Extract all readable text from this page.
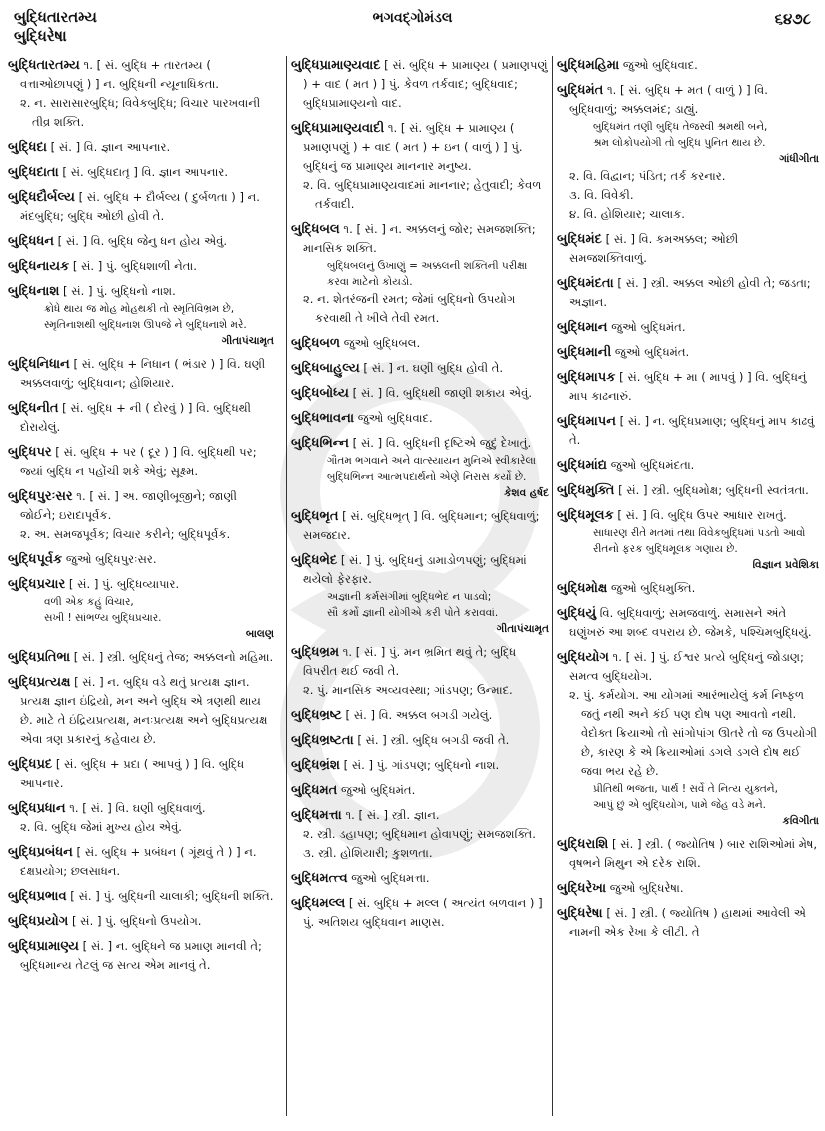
બુદ્ધિતારતમ્ય
બુદ્ધિરેષા
ભગવદ્ગોમંડલ	૬૪૭૮
બુદ્ધિતારતમ્ય ૧. [ સં. બુદ્ધિ + તારતમ્ય ( વત્તાઓછાપણું ) ] ન. બુદ્ધિની ન્યૂનાધિકતા.
૨. ન. સારાસારબુદ્ધિ; વિવેકબુદ્ધિ; વિચાર પારખવાની તીવ્ર શક્તિ.
બુદ્ધિદા [ સં. ] વિ. જ્ઞાન આપનાર.
બુદ્ધિદાતા [ સં. બુદ્ધિદાતૃ ] વિ. જ્ઞાન આપનાર.
બુદ્ધિદૌર્બલ્ય [ સં. બુદ્ધિ + દૌર્બલ્ય ( દુર્બળતા ) ] ન. મંદબુદ્ધિ; બુદ્ધિ ઓછી હોવી તે.
બુદ્ધિધન [ સં. ] વિ. બુદ્ધિ જેનુ ધન હોય એવું.
બુદ્ધિનાયક [ સં. ] પું. બુદ્ધિશાળી નેતા.
બુદ્ધિનાશ [ સં. ] પું. બુદ્ધિનો નાશ.
ક્રોધે થાય જ મોહ મોહથકી તો સ્મૃતિવિભ્રમ છે,
સ્મૃતિનાશથી બુદ્ધિનાશ ઊપજે ને બુદ્ધિનાશે મરે.
ગીતાપંચામૃત
બુદ્ધિનિધાન [ સં. બુદ્ધિ + નિધાન ( ભંડાર ) ] વિ. ઘણી અક્કલવાળું; બુદ્ધિવાન; હોશિયાર.
બુદ્ધિનીત [ સં. બુદ્ધિ + ની ( દોરવું ) ] વિ. બુદ્ધિથી દોરાયેલું.
બુદ્ધિપર [ સં. બુદ્ધિ + પર ( દૂર ) ] વિ. બુદ્ધિથી પર; જ્યાં બુદ્ધિ ન પહોંચી શકે એવું; સૂક્ષ્મ.
બુદ્ધિપુરઃસર ૧. [ સં. ] અ. જાણીબૂજીને; જાણી જોઈને; ઇરાદાપૂર્વક.
૨. અ. સમજપૂર્વક; વિચાર કરીને; બુદ્ધિપૂર્વક.
બુદ્ધિપૂર્વક જુઓ બુદ્ધિપુરઃસર.
બુદ્ધિપ્રચાર [ સં. ] પું. બુદ્ધિવ્યાપાર.
વળી એક કહું વિચાર,
સખી ! સાંભળ્ય બુદ્ધિપ્રચાર.
બાલણ
બુદ્ધિપ્રતિભા [ સં. ] સ્ત્રી. બુદ્ધિનું તેજ; અક્કલનો મહિમા.
બુદ્ધિપ્રત્યક્ષ [ સં. ] ન. બુદ્ધિ વડે થતું પ્રત્યક્ષ જ્ઞાન. પ્રત્યક્ષ જ્ઞાન ઇંદ્રિયો, મન અને બુદ્ધિ એ ત્રણથી થાય છે. માટે તે ઇંદ્રિયપ્રત્યક્ષ, મનઃપ્રત્યક્ષ અને બુદ્ધિપ્રત્યક્ષ એવા ત્રણ પ્રકારનું કહેવાય છે.
બુદ્ધિપ્રદ [ સં. બુદ્ધિ + પ્રદા ( આપવું ) ] વિ. બુદ્ધિ આપનાર.
બુદ્ધિપ્રધાન ૧. [ સં. ] વિ. ઘણી બુદ્ધિવાળું.
૨. વિ. બુદ્ધિ જેમાં મુખ્ય હોય એવું.
બુદ્ધિપ્રબંધન [ સં. બુદ્ધિ + પ્રબંધન ( ગૂંથવું તે ) ] ન. દક્ષપ્રયોગ; છલસાધન.
બુદ્ધિપ્રભાવ [ સં. ] પું. બુદ્ધિની ચાલાકી; બુદ્ધિની શક્તિ.
બુદ્ધિપ્રયોગ [ સં. ] પું. બુદ્ધિનો ઉપયોગ.
બુદ્ધિપ્રામાણ્ય [ સં. ] ન. બુદ્ધિને જ પ્રમાણ માનવી તે; બુદ્ધિમાન્ય તેટલું જ સત્ય એમ માનવું તે.
બુદ્ધિપ્રામાણ્યવાદ [ સં. બુદ્ધિ + પ્રામાણ્ય ( પ્રમાણપણું ) + વાદ ( મત ) ] પું. કેવળ તર્કવાદ; બુદ્ધિવાદ; બુદ્ધિપ્રામાણ્યનો વાદ.
બુદ્ધિપ્રામાણ્યવાદી ૧. [ સં. બુદ્ધિ + પ્રામાણ્ય ( પ્રમાણપણું ) + વાદ ( મત ) + ઇન ( વાળું ) ] પું. બુદ્ધિનું જ પ્રામાણ્ય માનનાર મનુષ્ય.
૨. વિ. બુદ્ધિપ્રામાણ્યવાદમાં માનનાર; હેતુવાદી; કેવળ તર્કવાદી.
બુદ્ધિબલ ૧. [ સં. ] ન. અક્કલનું જોર; સમજશક્તિ; માનસિક શક્તિ.
બુદ્ધિબલનું ઉખાણું = અક્કલની શક્તિની પરીક્ષા કરવા માટેનો કોયડો.
૨. ન. શેતરંજની રમત; જેમાં બુદ્ધિનો ઉપયોગ કરવાથી તે ખીલે તેવી રમત.
બુદ્ધિબળ જુઓ બુદ્ધિબલ.
બુદ્ધિબાહુલ્ય [ સં. ] ન. ઘણી બુદ્ધિ હોવી તે.
બુદ્ધિબોધ્ય [ સં. ] વિ. બુદ્ધિથી જાણી શકાય એવું.
બુદ્ધિભાવના જુઓ બુદ્ધિવાદ.
બુદ્ધિભિન્ન [ સં. ] વિ. બુદ્ધિની દૃષ્ટિએ જુદું દેખાતું.
ગૌતમ ભગવાને અને વાત્સ્યાયન મુનિએ સ્વીકારેલા બુદ્ધિભિન્ન આત્મપદાર્થનો એણે નિરાસ કર્યો છે.
કેશવ હર્ષદ
બુદ્ધિભૃત [ સં. બુદ્ધિભૃત્ ] વિ. બુદ્ધિમાન; બુદ્ધિવાળું; સમજદાર.
બુદ્ધિભેદ [ સં. ] પું. બુદ્ધિનું ડામાડોળપણું; બુદ્ધિમાં થયેલો ફેરફાર.
અજ્ઞાની કર્મસંગીમાં બુદ્ધિભેદ ન પાડવો;
સૌ કર્મો જ્ઞાની યોગીએ કરી પોતે કરાવવાં.
ગીતાપંચામૃત
બુદ્ધિભ્રમ ૧. [ સં. ] પું. મન ભ્રમિત થવું તે; બુદ્ધિ વિપરીત થઈ જવી તે.
૨. પું. માનસિક અવ્યવસ્થા; ગાંડપણ; ઉન્માદ.
બુદ્ધિભ્રષ્ટ [ સં. ] વિ. અક્કલ બગડી ગયેલું.
બુદ્ધિભ્રષ્ટતા [ સં. ] સ્ત્રી. બુદ્ધિ બગડી જવી તે.
બુદ્ધિભ્રંશ [ સં. ] પું. ગાંડપણ; બુદ્ધિનો નાશ.
બુદ્ધિમત જુઓ બુદ્ધિમંત.
બુદ્ધિમત્તા ૧. [ સં. ] સ્ત્રી. જ્ઞાન.
૨. સ્ત્રી. ડહાપણ; બુદ્ધિમાન હોવાપણું; સમજશક્તિ.
૩. સ્ત્રી. હોશિયારી; કુશળતા.
બુદ્ધિમત્ત્વ જુઓ બુદ્ધિમત્તા.
બુદ્ધિમલ્લ [ સં. બુદ્ધિ + મલ્લ ( અત્યંત બળવાન ) ] પું. અતિશય બુદ્ધિવાન માણસ.
બુદ્ધિમહિમા જુઓ બુદ્ધિવાદ.
બુદ્ધિમંત ૧. [ સં. બુદ્ધિ + મત ( વાળું ) ] વિ. બુદ્ધિવાળું; અક્કલમંદ; ડાહ્યું.
બુદ્ધિમંત તણી બુદ્ધિ તેજસ્વી શ્રમથી બને,
શ્રમ લોકોપયોગી તો બુદ્ધિ પુનિત થાય છે.
ગાંધીગીતા
૨. વિ. વિદ્વાન; પંડિત; તર્ક કરનાર.
૩. વિ. વિવેકી.
૪. વિ. હોશિયાર; ચાલાક.
બુદ્ધિમંદ [ સં. ] વિ. કમઅક્કલ; ઓછી સમજશક્તિવાળું.
બુદ્ધિમંદતા [ સં. ] સ્ત્રી. અક્કલ ઓછી હોવી તે; જડતા; અજ્ઞાન.
બુદ્ધિમાન જુઓ બુદ્ધિમંત.
બુદ્ધિમાની જુઓ બુદ્ધિમંત.
બુદ્ધિમાપક [ સં. બુદ્ધિ + મા ( માપવું ) ] વિ. બુદ્ધિનું માપ કાઢનારું.
બુદ્ધિમાપન [ સં. ] ન. બુદ્ધિપ્રમાણ; બુદ્ધિનું માપ કાઢવું તે.
બુદ્ધિમાંદ્ય જુઓ બુદ્ધિમંદતા.
બુદ્ધિમુક્તિ [ સં. ] સ્ત્રી. બુદ્ધિમોક્ષ; બુદ્ધિની સ્વતંત્રતા.
બુદ્ધિમૂલક [ સં. ] વિ. બુદ્ધિ ઉપર આધાર રાખતું.
સાધારણ રીતે મતમાં તથા વિવેકબુદ્ધિમાં પડતો આવો રીતનો ફરક બુદ્ધિમૂલક ગણાય છે.
વિજ્ઞાન પ્રવેશિકા
બુદ્ધિમોક્ષ જુઓ બુદ્ધિમુક્તિ.
બુદ્ધિયું વિ. બુદ્ધિવાળું; સમજવાળું. સમાસને અંતે ઘણુંખરું આ શબ્દ વપરાય છે. જેમકે, પશ્ચિમબુદ્ધિયું.
બુદ્ધિયોગ ૧. [ સં. ] પું. ઈશ્વર પ્રત્યે બુદ્ધિનું જોડાણ; સમત્વ બુદ્ધિયોગ.
૨. પું. કર્મયોગ. આ યોગમાં આરંભાયેલું કર્મ નિષ્ફળ જતું નથી અને કંઈ પણ દોષ પણ આવતો નથી. વેદોક્ત ક્રિયાઓ તો સાંગોપાંગ ઊતરે તો જ ઉપયોગી છે, કારણ કે એ ક્રિયાઓમાં ડગલે ડગલે દોષ થઈ જવા ભય રહે છે.
પ્રીતિથી ભજતા, પાર્થ ! સર્વે તે નિત્ય યુક્તને,
આપું છું એ બુદ્ધિયોગ, પામે જેહ વડે મને.
કવિગીતા
બુદ્ધિરાશિ [ સં. ] સ્ત્રી. ( જ્યોતિષ ) બાર રાશિઓમાં મેષ, વૃષભને મિથુન એ દરેક રાશિ.
બુદ્ધિરેખા જુઓ બુદ્ધિરેષા.
બુદ્ધિરેષા [ સં. ] સ્ત્રી. ( જ્યોતિષ ) હાથમાં આવેલી એ નામની એક રેખા કે લીટી. તે
